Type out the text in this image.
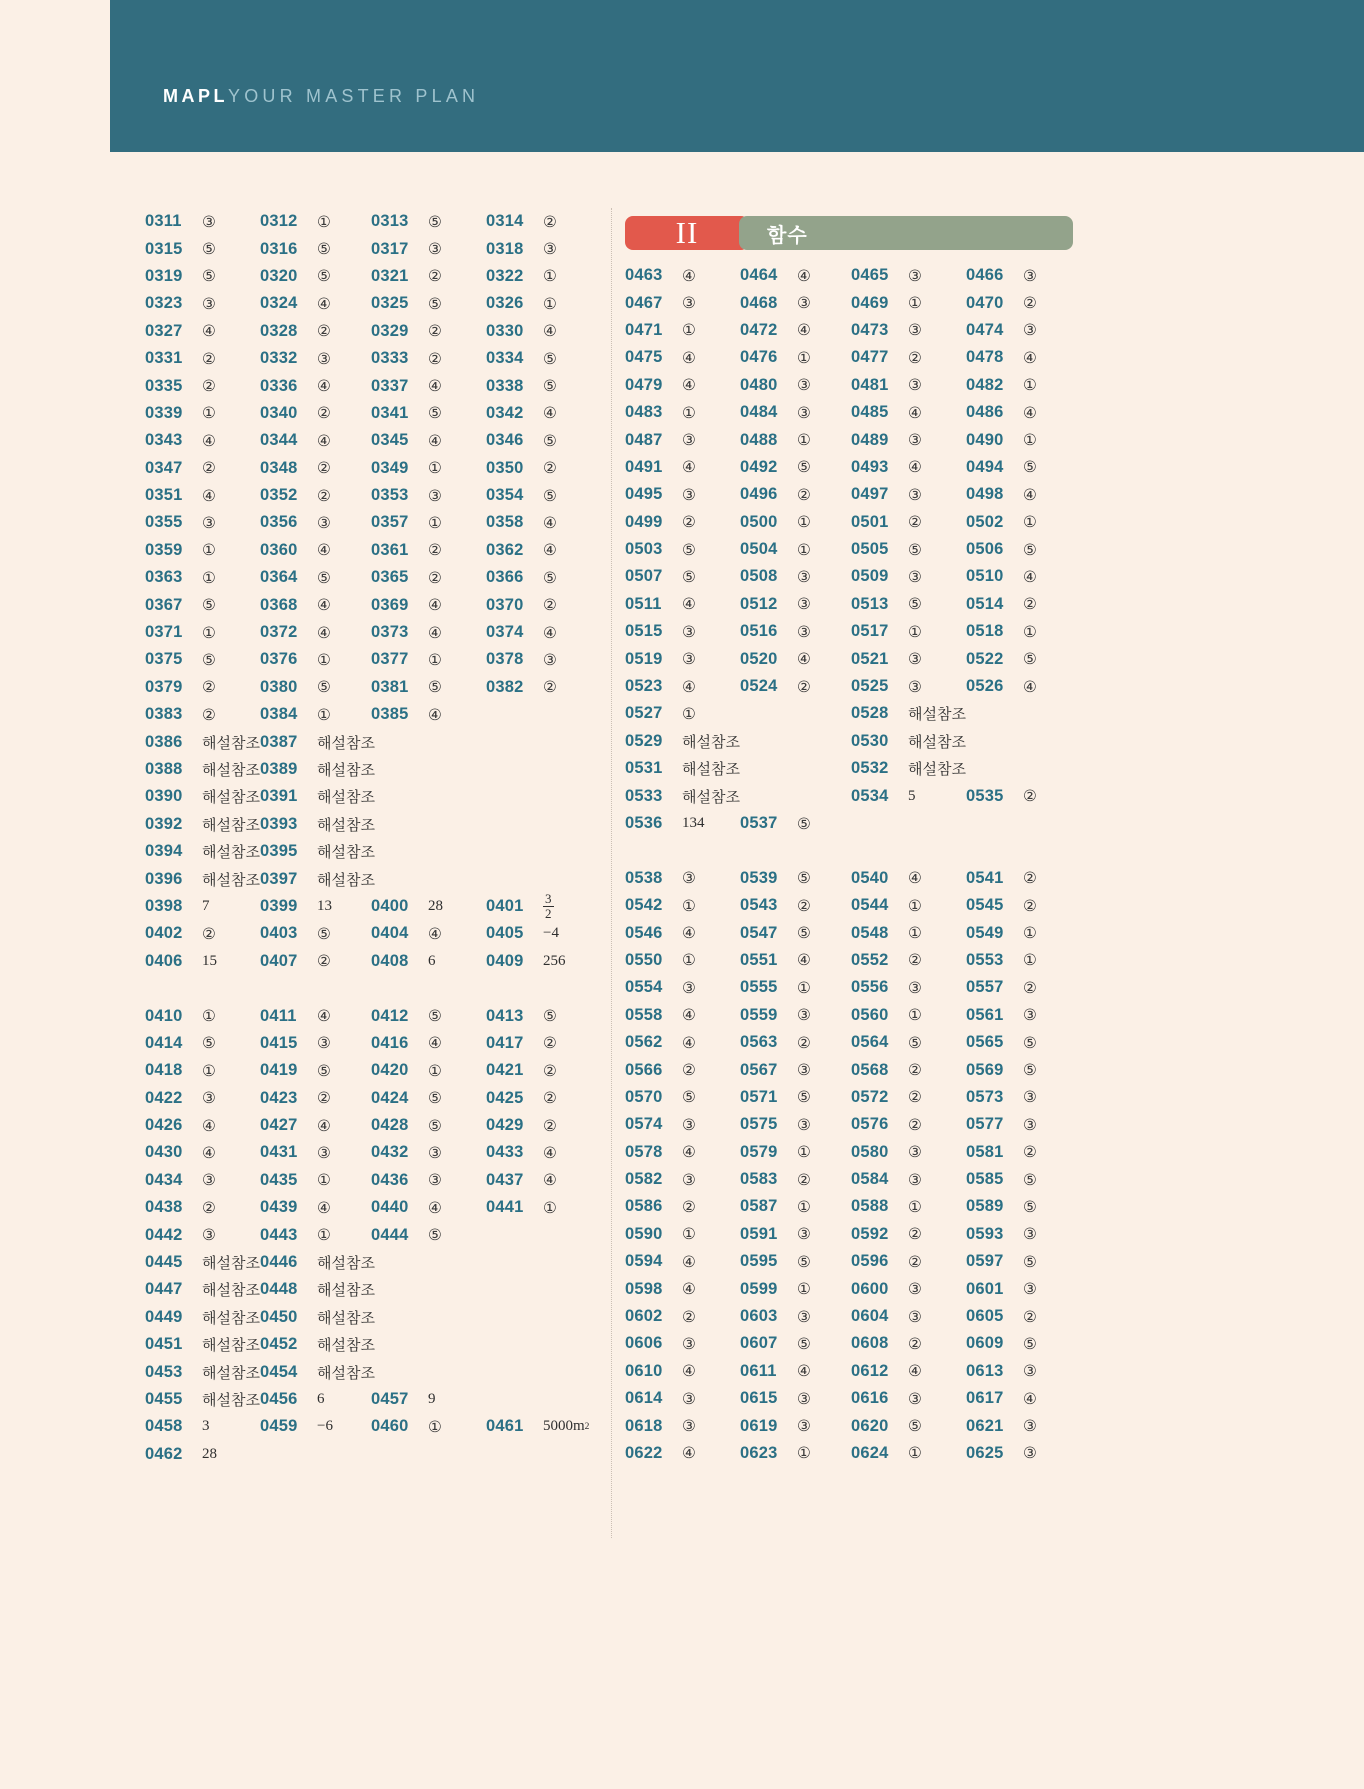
MAPLYOUR MASTER PLAN
II	함수
0311 ③	0312 ① 0313 ⑤	0314 ②
0315 ⑤	0316 ⑤ 0317 ③	0318 ③
0319 ⑤	0320 ⑤ 0321 ②	0322 ①
0323 ③	0324 ④ 0325 ⑤	0326 ①
0327 ④	0328 ② 0329 ②	0330 ④
0331 ②	0332 ③ 0333 ②	0334 ⑤
0335 ②	0336 ④ 0337 ④	0338 ⑤
0339 ①	0340 ② 0341 ⑤	0342 ④
0343 ④	0344 ④ 0345 ④	0346 ⑤
0347 ②	0348 ② 0349 ①	0350 ②
0351 ④	0352 ② 0353 ③	0354 ⑤
0355 ③	0356 ③ 0357 ①	0358 ④
0359 ①	0360 ④ 0361 ②	0362 ④
0363 ①	0364 ⑤ 0365 ②	0366 ⑤
0367 ⑤	0368 ④ 0369 ④	0370 ②
0371 ①	0372 ④ 0373 ④	0374 ④
0375 ⑤	0376 ① 0377 ①	0378 ③
0379 ②	0380 ⑤ 0381 ⑤	0382 ②
0383 ②	0384 ① 0385 ④
0386 해설참조 0387 해설참조
0388 해설참조 0389 해설참조
0390 해설참조 0391 해설참조
0392 해설참조 0393 해설참조
0394 해설참조 0395 해설참조
0396 해설참조 0397 해설참조
0398 7	0399 13 0400 28	$0401 \frac{3}{2}$
0402 ②	0403 ⑤ 0404 ④	0405 −4
0406 15	0407 ② 0408 6	0409 256
0410 ①	0411 ④ 0412 ⑤	0413 ⑤
0414 ⑤	0415 ③ 0416 ④	0417 ②
0418 ①	0419 ⑤ 0420 ①	0421 ②
0422 ③	0423 ② 0424 ⑤	0425 ②
0426 ④	0427 ④ 0428 ⑤	0429 ②
0430 ④	0431 ③ 0432 ③	0433 ④
0434 ③	0435 ① 0436 ③	0437 ④
0438 ②	0439 ④ 0440 ④	0441 ①
0442 ③	0443 ① 0444 ⑤
0445 해설참조 0446 해설참조
0447 해설참조 0448 해설참조
0449 해설참조 0450 해설참조
0451 해설참조 0452 해설참조
0453 해설참조 0454 해설참조
0455 해설참조 0456 6	0457 9
0458 3	0459 −6 0460 ①	0461 5000m 2
0462 28
0463 ④	0464 ④ 0465 ③	0466 ③
0467 ③	0468 ③ 0469 ①	0470 ②
0471 ①	0472 ④ 0473 ③	0474 ③
0475 ④	0476 ① 0477 ②	0478 ④
0479 ④	0480 ③ 0481 ③	0482 ①
0483 ①	0484 ③ 0485 ④	0486 ④
0487 ③	0488 ① 0489 ③	0490 ①
0491 ④	0492 ⑤ 0493 ④	0494 ⑤
0495 ③	0496 ② 0497 ③	0498 ④
0499 ②	0500 ① 0501 ②	0502 ①
0503 ⑤	0504 ① 0505 ⑤	0506 ⑤
0507 ⑤	0508 ③ 0509 ③	0510 ④
0511 ④	0512 ③ 0513 ⑤	0514 ②
0515 ③	0516 ③ 0517 ①	0518 ①
0519 ③	0520 ④ 0521 ③	0522 ⑤
0523 ④	0524 ② 0525 ③	0526 ④
0527 ①	0528 해설참조
0529 해설참조	0530 해설참조
0531 해설참조	0532 해설참조
0533 해설참조	0534 5	0535 ②
0536 134 0537 ⑤
0538 ③	0539 ⑤ 0540 ④	0541 ②
0542 ①	0543 ② 0544 ①	0545 ②
0546 ④	0547 ⑤ 0548 ①	0549 ①
0550 ①	0551 ④ 0552 ②	0553 ①
0554 ③	0555 ① 0556 ③	0557 ②
0558 ④	0559 ③ 0560 ①	0561 ③
0562 ④	0563 ② 0564 ⑤	0565 ⑤
0566 ②	0567 ③ 0568 ②	0569 ⑤
0570 ⑤	0571 ⑤ 0572 ②	0573 ③
0574 ③	0575 ③ 0576 ②	0577 ③
0578 ④	0579 ① 0580 ③	0581 ②
0582 ③	0583 ② 0584 ③	0585 ⑤
0586 ②	0587 ① 0588 ①	0589 ⑤
0590 ①	0591 ③ 0592 ②	0593 ③
0594 ④	0595 ⑤ 0596 ②	0597 ⑤
0598 ④	0599 ① 0600 ③	0601 ③
0602 ②	0603 ③ 0604 ③	0605 ②
0606 ③	0607 ⑤ 0608 ②	0609 ⑤
0610 ④	0611 ④ 0612 ④	0613 ③
0614 ③	0615 ③ 0616 ③	0617 ④
0618 ③	0619 ③ 0620 ⑤	0621 ③
0622 ④	0623 ① 0624 ①	0625 ③
